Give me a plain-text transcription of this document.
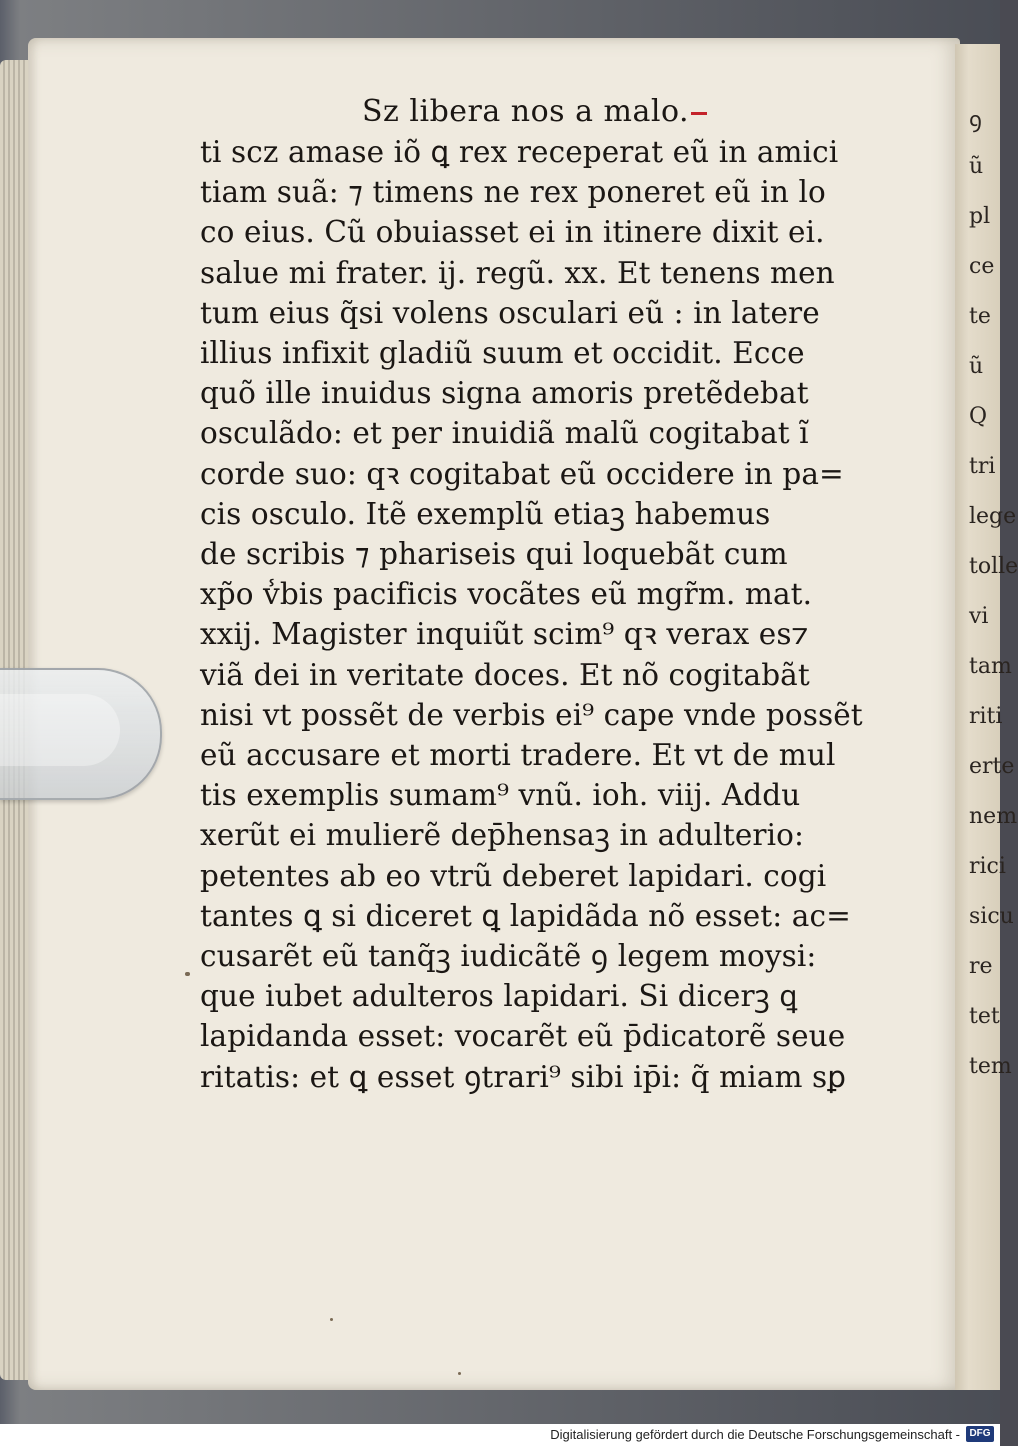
ꝯ
ũ
pl
ce
te
ũ
Q
tri
lege
tolle
vi
tam
riti
erte
nem
rici
sicu
re
tet
tem
Sz libera nos a malo.
ti scz amase iõ ꝗ rex receperat eũ in amici
tiam suã: ⁊ timens ne rex poneret eũ in lo
co eius. Cũ obuiasset ei in itinere dixit ei.
salue mi frater. ij. regũ. xx. Et tenens men
tum eius q̃si volens osculari eũ : in latere
illius infixit gladiũ suum et occidit. Ecce
quõ ille inuidus signa amoris pretẽdebat
osculãdo: et per inuidiã malũ cogitabat ĩ
corde suo: qꝛ cogitabat eũ occidere in pa=
cis osculo. Itẽ exemplũ etiaꝫ habemus
de scribis ⁊ phariseis qui loquebãt cum
xp̃o v̾bis pacificis vocãtes eũ mgr̃m. mat.
xxij. Magister inquiũt scim⁹ qꝛ verax es⁊
viã dei in veritate doces. Et nõ cogitabãt
nisi vt possẽt de verbis ei⁹ cape vnde possẽt
eũ accusare et morti tradere. Et vt de mul
tis exemplis sumam⁹ vnũ. ioh. viij. Addu
xerũt ei mulierẽ dep̄hensaꝫ in adulterio:
petentes ab eo vtrũ deberet lapidari. cogi
tantes ꝗ si diceret ꝗ lapidãda nõ esset: ac=
cusarẽt eũ tanq̃ꝫ iudicãtẽ ꝯ legem moysi:
que iubet adulteros lapidari. Si dicerꝫ ꝗ
lapidanda esset: vocarẽt eũ p̄dicatorẽ seue
ritatis: et ꝗ esset ꝯtrari⁹ sibi ip̄i: q̃ miam sꝑ
Digitalisierung gefördert durch die Deutsche Forschungsgemeinschaft - DFG
